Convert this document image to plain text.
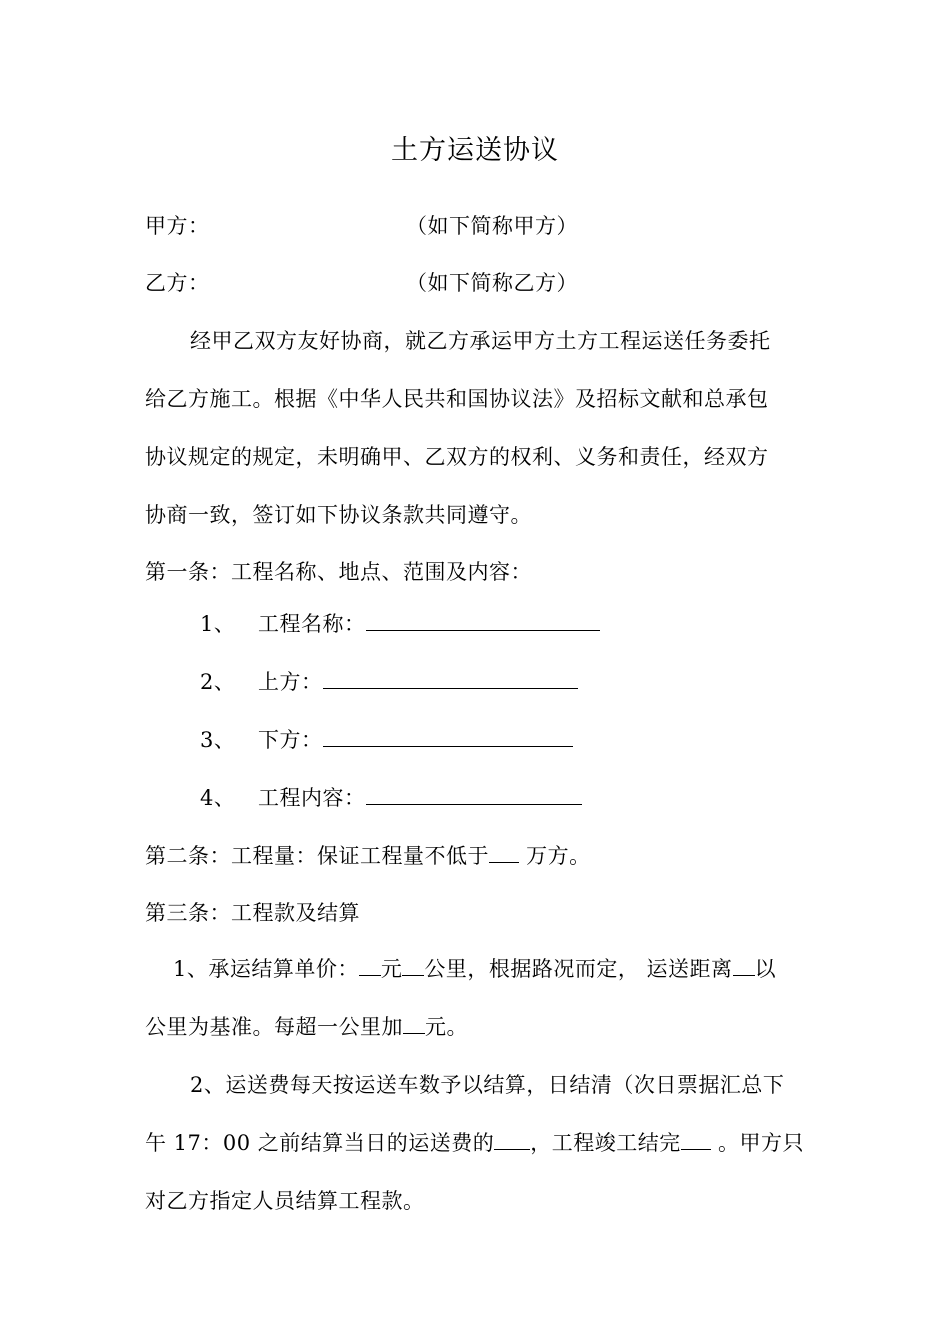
土方运送协议
甲方：	（如下简称甲方）
乙方：	（如下简称乙方）
经甲乙双方友好协商，就乙方承运甲方土方工程运送任务委托
给乙方施工。根据《中华人民共和国协议法》及招标文献和总承包
协议规定的规定，未明确甲、乙双方的权利、义务和责任，经双方
协商一致，签订如下协议条款共同遵守。
第一条：工程名称、地点、范围及内容：
1、 工程名称：
2、 上方：
3、 下方：
4、 工程内容：
第二条：工程量：保证工程量不低于 万方。
第三条：工程款及结算
1、承运结算单价： 元 公里，根据路况而定， 运送距离 以
公里为基准。每超一公里加 元。
2、运送费每天按运送车数予以结算，日结清（次日票据汇总下
午 17：00 之前结算当日的运送费的 ，工程竣工结完 。甲方只
对乙方指定人员结算工程款。
